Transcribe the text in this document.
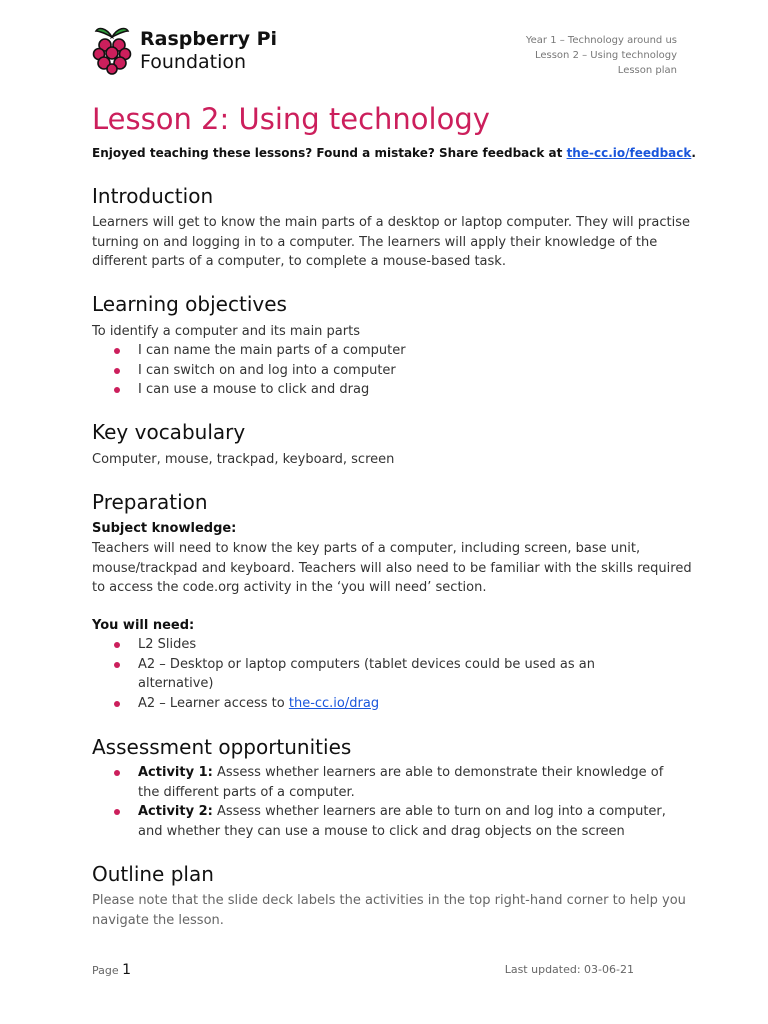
Raspberry Pi
Foundation
Year 1 – Technology around us
Lesson 2 – Using technology
Lesson plan
Lesson 2: Using technology
Enjoyed teaching these lessons? Found a mistake? Share feedback at the-cc.io/feedback.
Introduction

Learners will get to know the main parts of a desktop or laptop computer. They will practise turning on and logging in to a computer. The learners will apply their knowledge of the different parts of a computer, to complete a mouse-based task.

Learning objectives

To identify a computer and its main parts

I can name the main parts of a computer
I can switch on and log into a computer
I can use a mouse to click and drag
Key vocabulary

Computer, mouse, trackpad, keyboard, screen

Preparation
Subject knowledge:

Teachers will need to know the key parts of a computer, including screen, base unit, mouse/trackpad and keyboard. Teachers will also need to be familiar with the skills required to access the code.org activity in the ‘you will need’ section.

You will need:
L2 Slides
A2 – Desktop or laptop computers (tablet devices could be used as an alternative)
A2 – Learner access to the-cc.io/drag
Assessment opportunities
Activity 1: Assess whether learners are able to demonstrate their knowledge of the different parts of a computer.
Activity 2: Assess whether learners are able to turn on and log into a computer, and whether they can use a mouse to click and drag objects on the screen
Outline plan

Please note that the slide deck labels the activities in the top right-hand corner to help you navigate the lesson.

Page 1	Last updated: 03-06-21
